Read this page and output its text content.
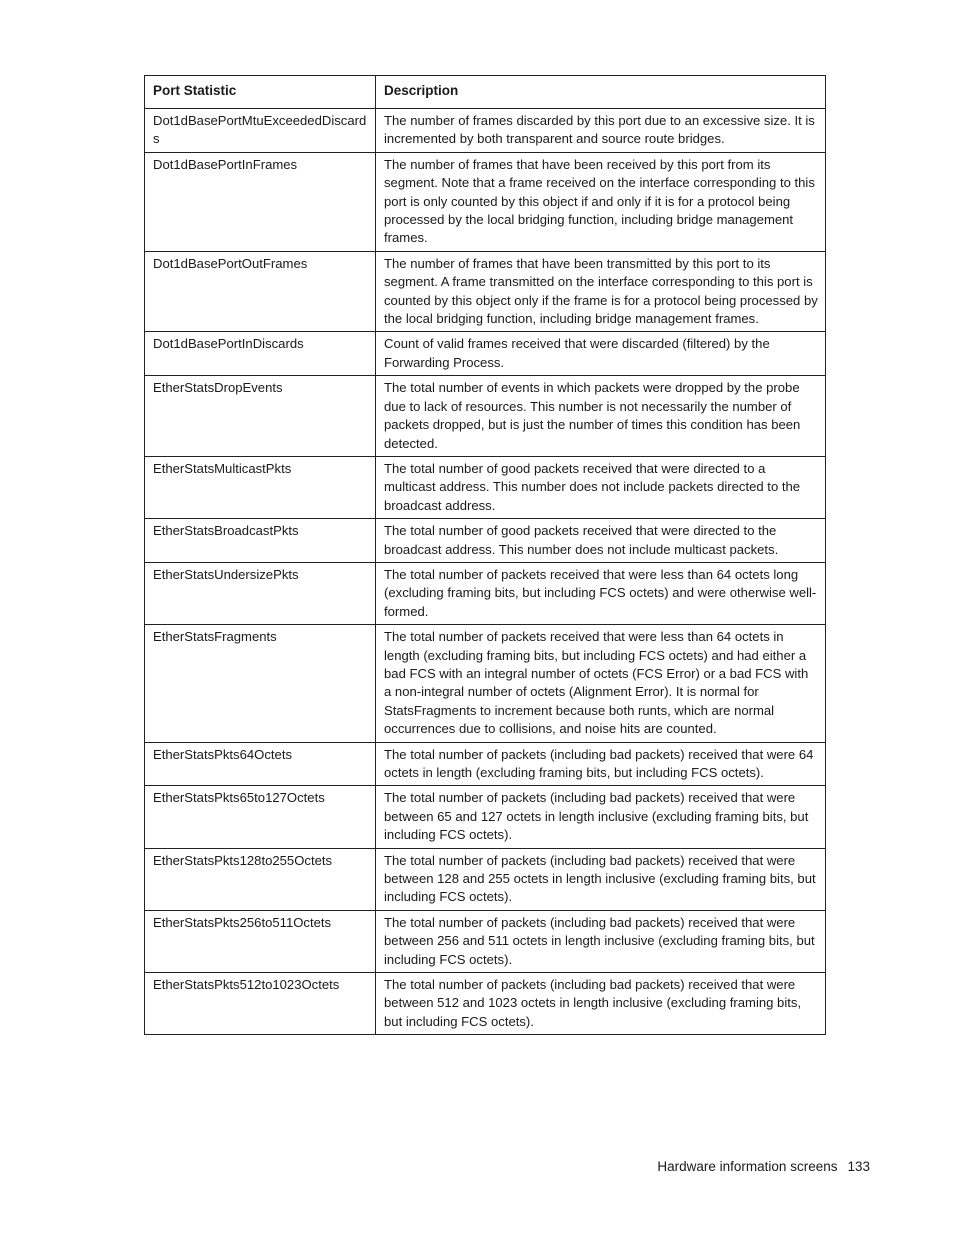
Port Statistic	Description
Dot1dBasePortMtuExceededDiscards	The number of frames discarded by this port due to an excessive size. It is incremented by both transparent and source route bridges.
Dot1dBasePortInFrames	The number of frames that have been received by this port from its segment. Note that a frame received on the interface corresponding to this port is only counted by this object if and only if it is for a protocol being processed by the local bridging function, including bridge management frames.
Dot1dBasePortOutFrames	The number of frames that have been transmitted by this port to its segment. A frame transmitted on the interface corresponding to this port is counted by this object only if the frame is for a protocol being processed by the local bridging function, including bridge management frames.
Dot1dBasePortInDiscards	Count of valid frames received that were discarded (filtered) by the Forwarding Process.
EtherStatsDropEvents	The total number of events in which packets were dropped by the probe due to lack of resources. This number is not necessarily the number of packets dropped, but is just the number of times this condition has been detected.
EtherStatsMulticastPkts	The total number of good packets received that were directed to a multicast address. This number does not include packets directed to the broadcast address.
EtherStatsBroadcastPkts	The total number of good packets received that were directed to the broadcast address. This number does not include multicast packets.
EtherStatsUndersizePkts	The total number of packets received that were less than 64 octets long (excluding framing bits, but including FCS octets) and were otherwise well-formed.
EtherStatsFragments	The total number of packets received that were less than 64 octets in length (excluding framing bits, but including FCS octets) and had either a bad FCS with an integral number of octets (FCS Error) or a bad FCS with a non-integral number of octets (Alignment Error). It is normal for StatsFragments to increment because both runts, which are normal occurrences due to collisions, and noise hits are counted.
EtherStatsPkts64Octets	The total number of packets (including bad packets) received that were 64 octets in length (excluding framing bits, but including FCS octets).
EtherStatsPkts65to127Octets	The total number of packets (including bad packets) received that were between 65 and 127 octets in length inclusive (excluding framing bits, but including FCS octets).
EtherStatsPkts128to255Octets	The total number of packets (including bad packets) received that were between 128 and 255 octets in length inclusive (excluding framing bits, but including FCS octets).
EtherStatsPkts256to511Octets	The total number of packets (including bad packets) received that were between 256 and 511 octets in length inclusive (excluding framing bits, but including FCS octets).
EtherStatsPkts512to1023Octets	The total number of packets (including bad packets) received that were between 512 and 1023 octets in length inclusive (excluding framing bits, but including FCS octets).
Hardware information screens 133
